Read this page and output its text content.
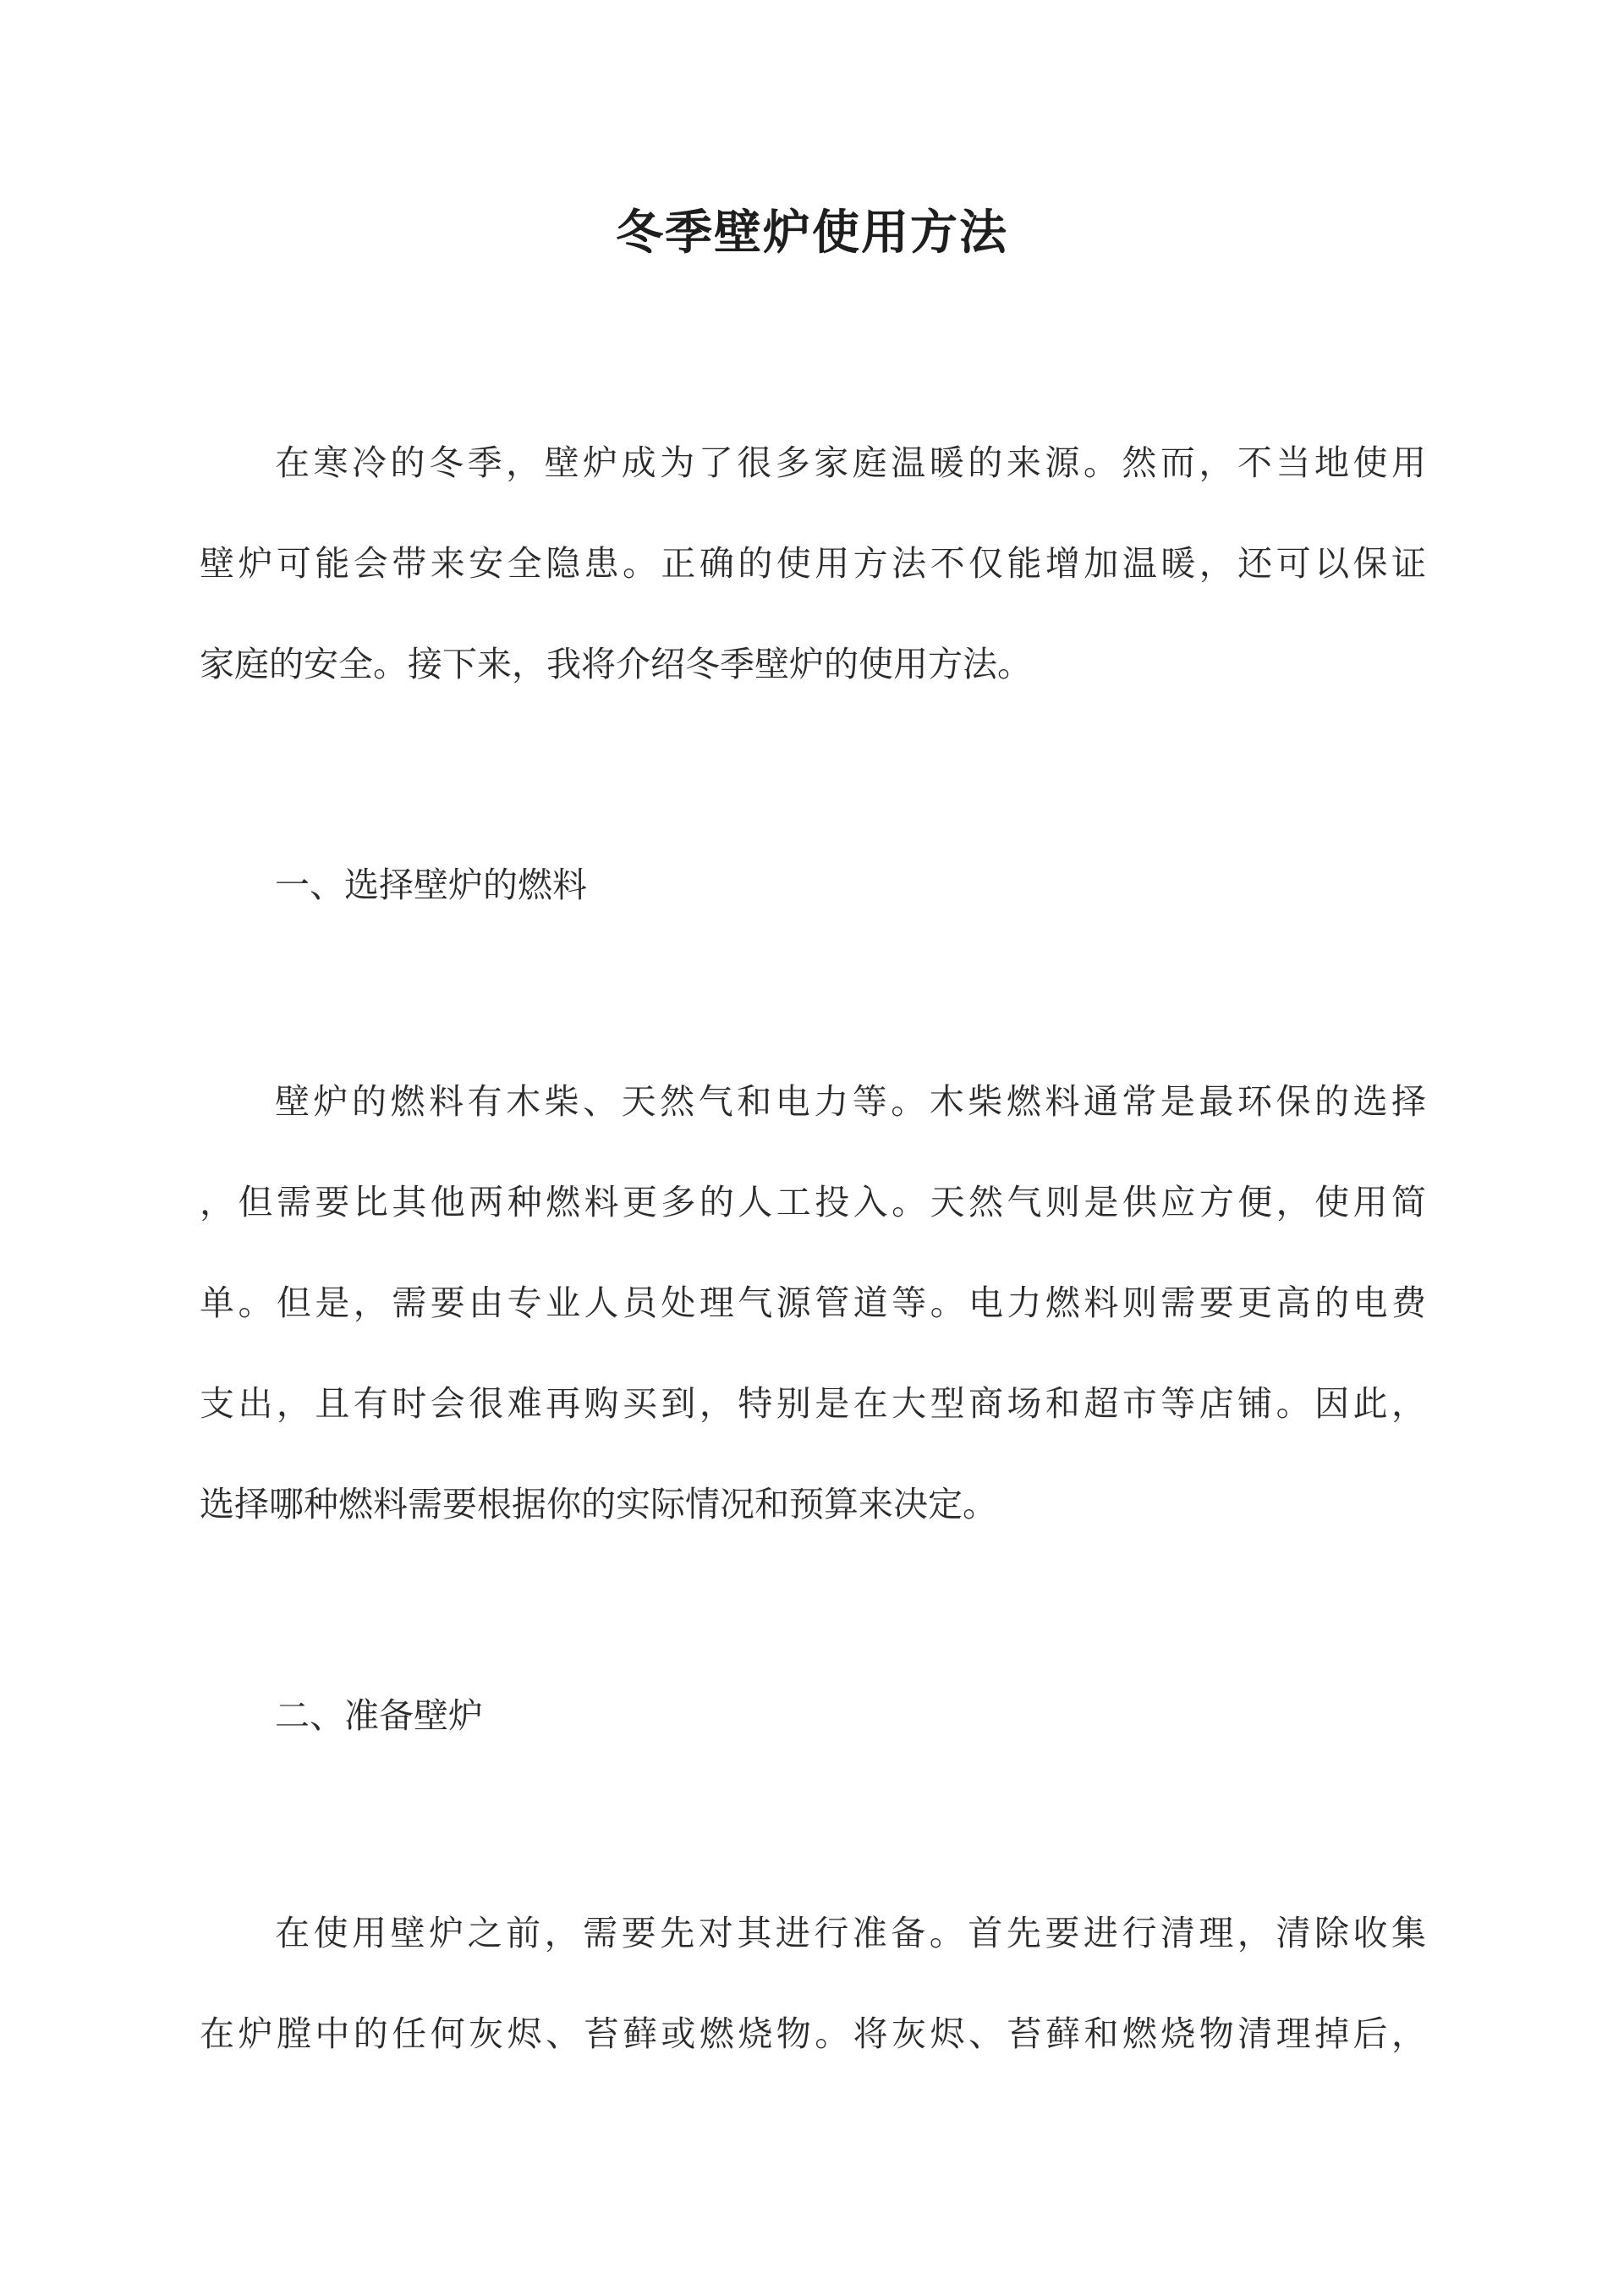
冬季壁炉使用方法
在寒冷的冬季，壁炉成为了很多家庭温暖的来源。然而，不当地使用
壁炉可能会带来安全隐患。正确的使用方法不仅能增加温暖，还可以保证
家庭的安全。接下来，我将介绍冬季壁炉的使用方法。
一、选择壁炉的燃料
壁炉的燃料有木柴、天然气和电力等。木柴燃料通常是最环保的选择
，但需要比其他两种燃料更多的人工投入。天然气则是供应方便，使用简
单。但是，需要由专业人员处理气源管道等。电力燃料则需要更高的电费
支出，且有时会很难再购买到，特别是在大型商场和超市等店铺。因此，
选择哪种燃料需要根据你的实际情况和预算来决定。
二、准备壁炉
在使用壁炉之前，需要先对其进行准备。首先要进行清理，清除收集
在炉膛中的任何灰烬、苔藓或燃烧物。将灰烬、苔藓和燃烧物清理掉后，
